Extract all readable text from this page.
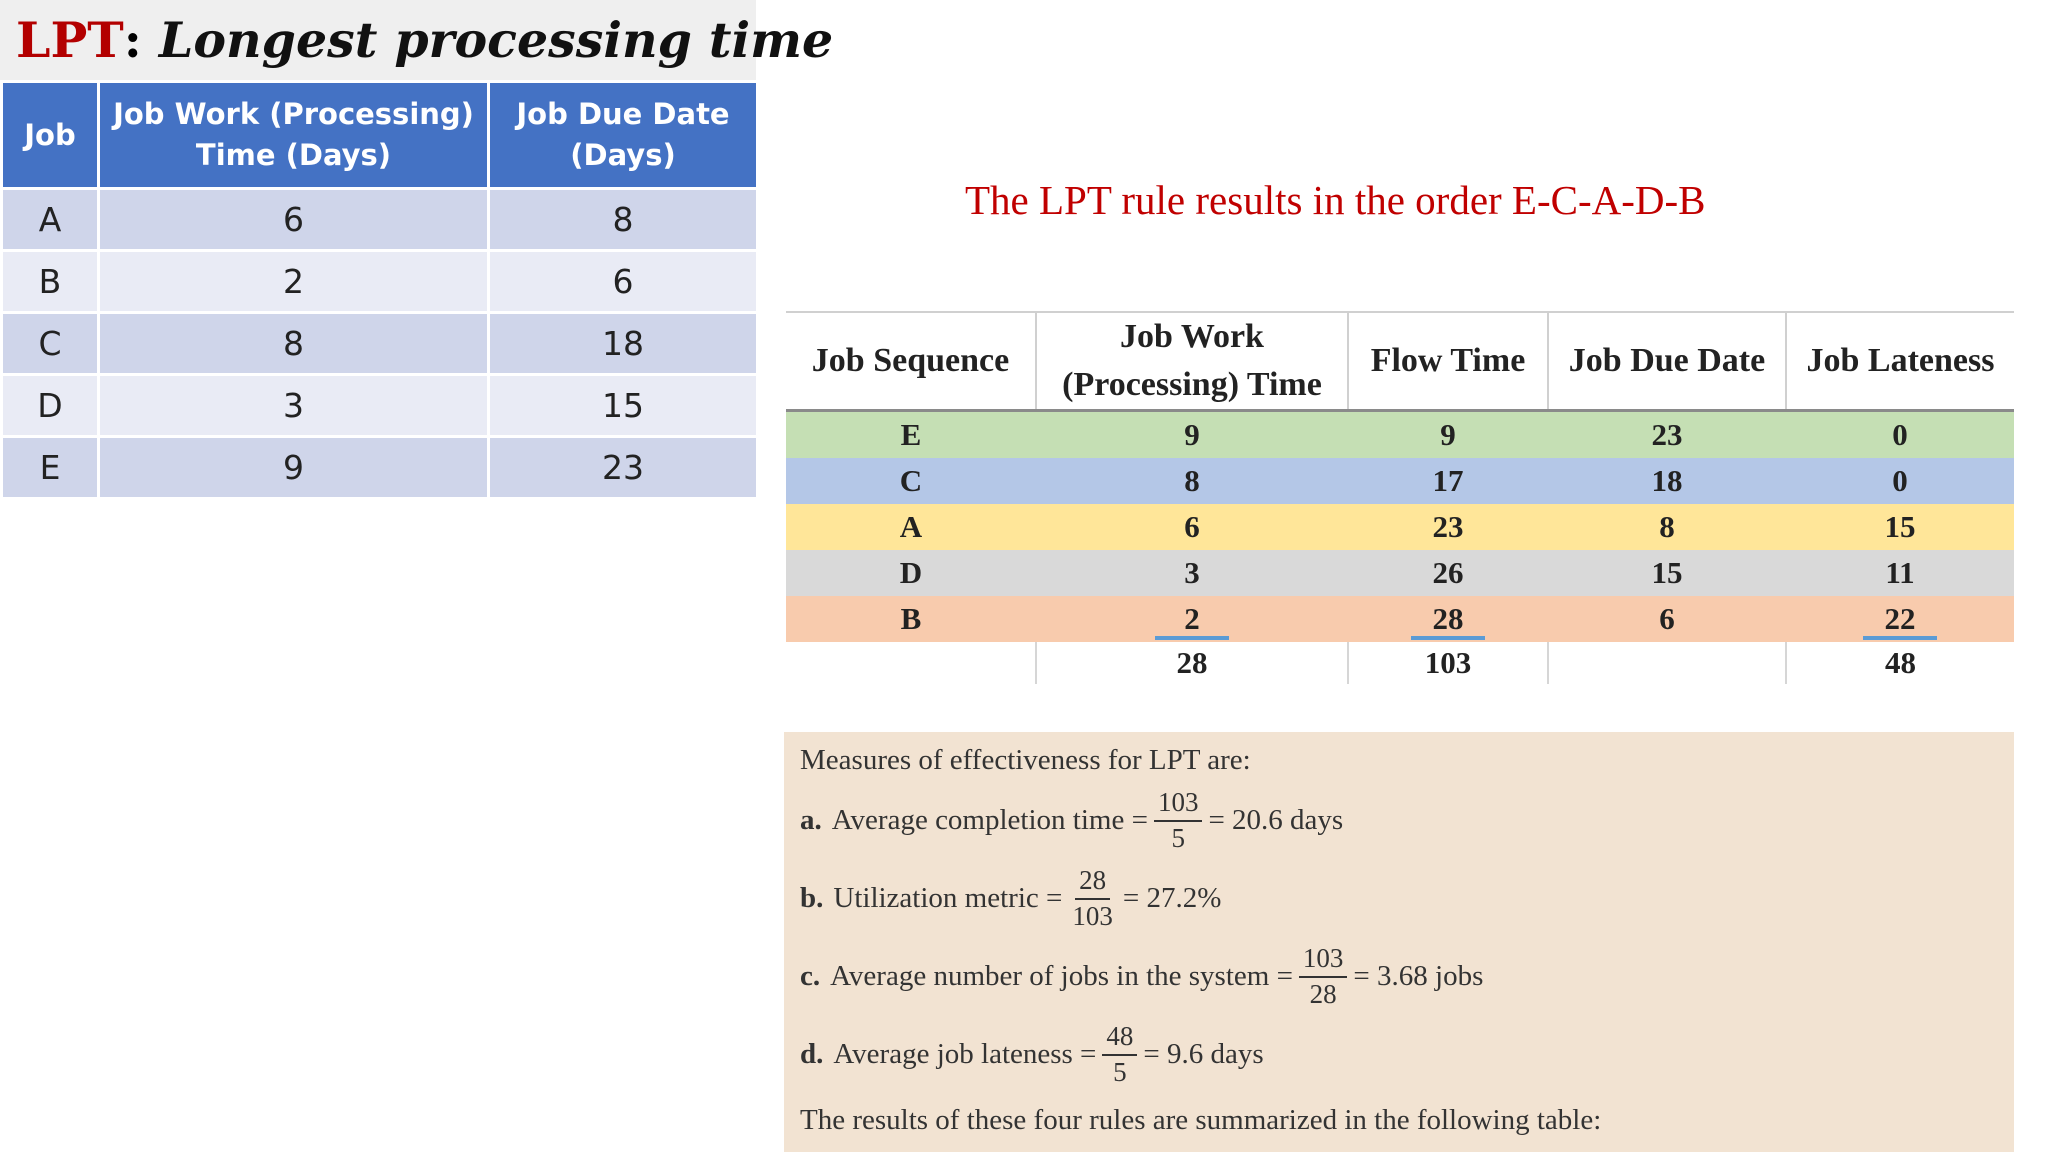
LPT :
Longest processing time
Job	Job Work (Processing) Time (Days)	Job Due Date (Days)
A	6	8
B	2	6
C	8	18
D	3	15
E	9	23
The LPT rule results in the order E-C-A-D-B
Job Sequence	Job Work (Processing) Time	Flow Time	Job Due Date	Job Lateness
E	9	9	23	0
C	8	17	18	0
A	6	23	8	15
D	3	26	15	11
B	2	28	6	22
	28	103		48
Measures of effectiveness for LPT are:
a. Average completion time = $\frac{103}{5} = 20.6$ days
b. Utilization metric = $\frac{28}{103} = 27.2\%$
c. Average number of jobs in the system = $\frac{103}{28} = 3.68$ jobs
d. Average job lateness = $\frac{48}{5} = 9.6$ days
The results of these four rules are summarized in the following table:
